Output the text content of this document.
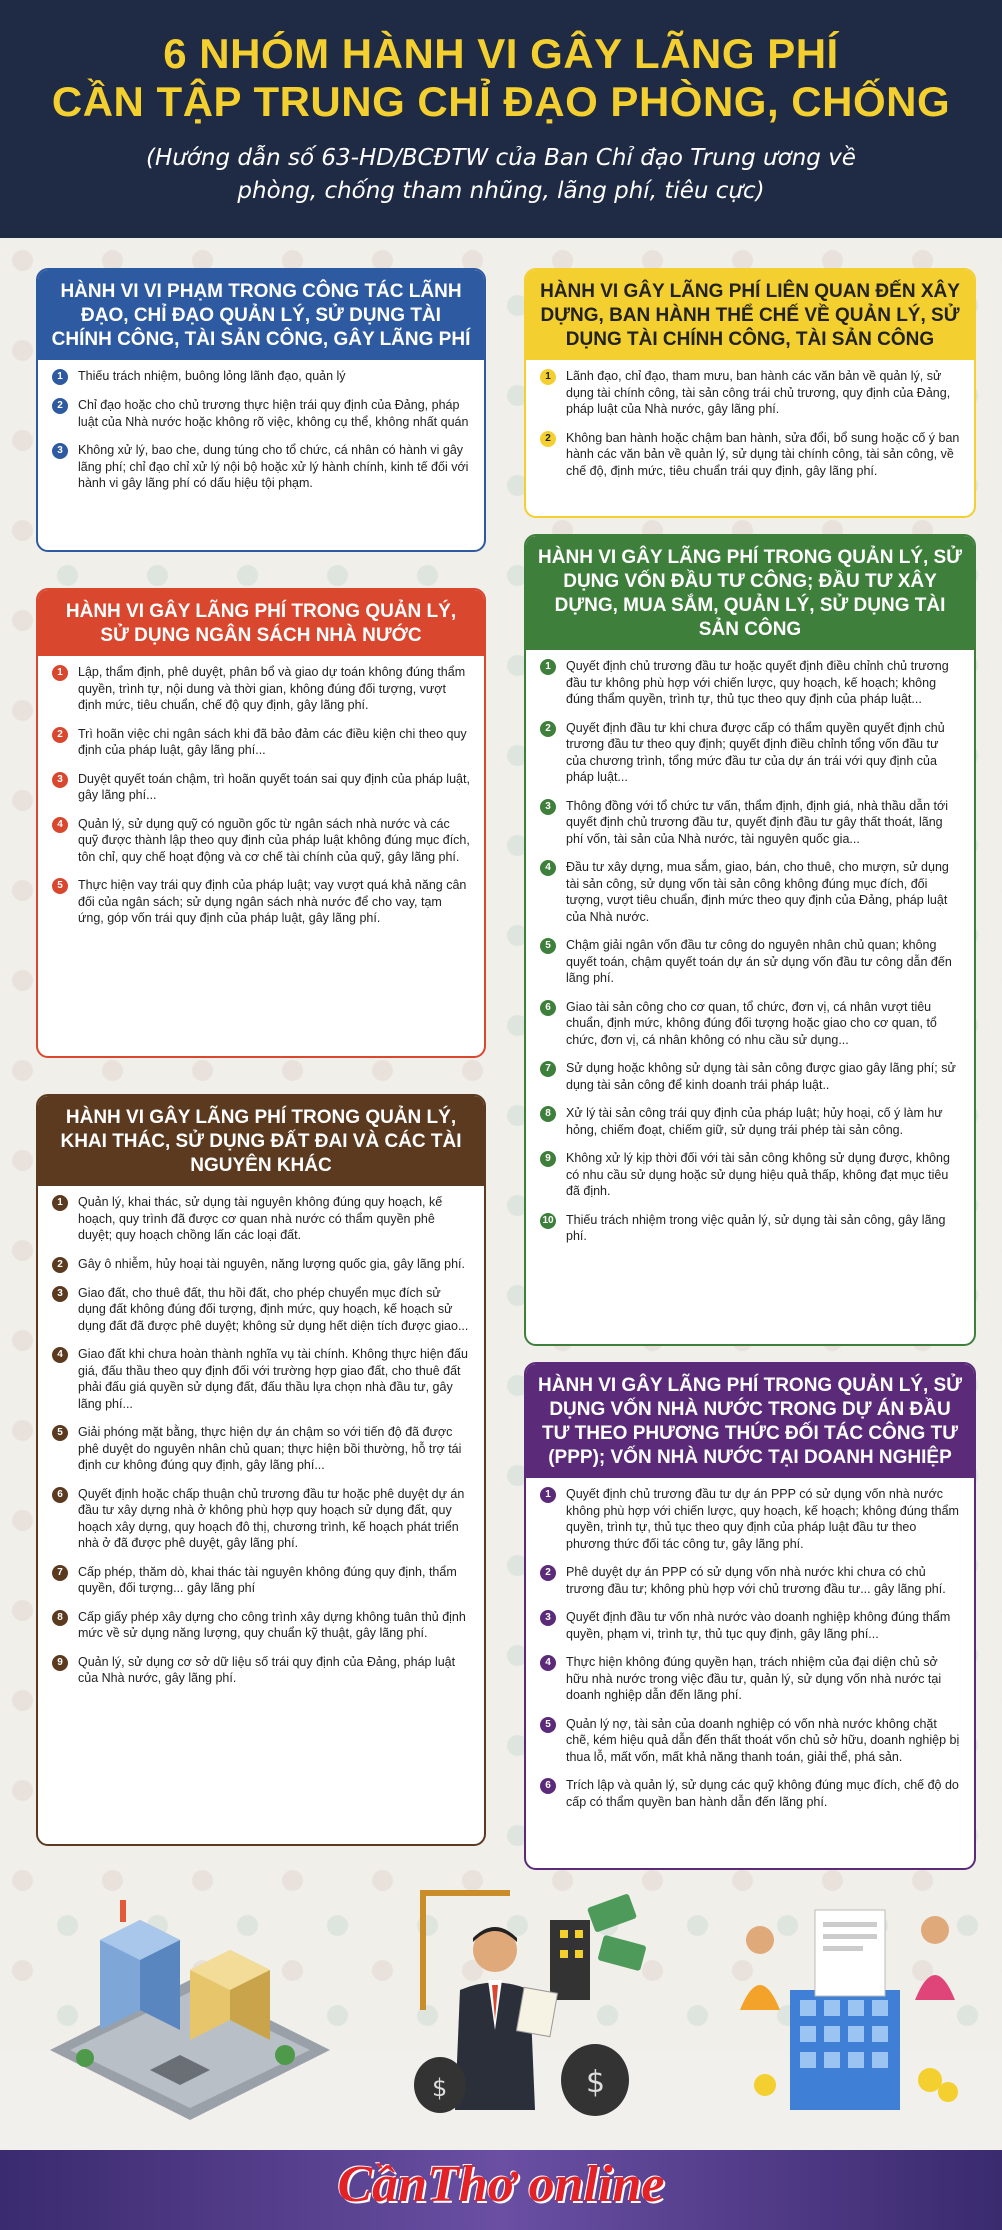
6 NHÓM HÀNH VI GÂY LÃNG PHÍ
CẦN TẬP TRUNG CHỈ ĐẠO PHÒNG, CHỐNG
(Hướng dẫn số 63-HD/BCĐTW của Ban Chỉ đạo Trung ương về phòng, chống tham nhũng, lãng phí, tiêu cực)
HÀNH VI VI PHẠM TRONG CÔNG TÁC LÃNH ĐẠO, CHỈ ĐẠO QUẢN LÝ, SỬ DỤNG TÀI CHÍNH CÔNG, TÀI SẢN CÔNG, GÂY LÃNG PHÍ
1	Thiếu trách nhiệm, buông lỏng lãnh đạo, quản lý
2	Chỉ đạo hoặc cho chủ trương thực hiện trái quy định của Đảng, pháp luật của Nhà nước hoặc không rõ việc, không cụ thể, không nhất quán
3	Không xử lý, bao che, dung túng cho tổ chức, cá nhân có hành vi gây lãng phí; chỉ đạo chỉ xử lý nội bộ hoặc xử lý hành chính, kinh tế đối với hành vi gây lãng phí có dấu hiệu tội phạm.
HÀNH VI GÂY LÃNG PHÍ LIÊN QUAN ĐẾN XÂY DỰNG, BAN HÀNH THỂ CHẾ VỀ QUẢN LÝ, SỬ DỤNG TÀI CHÍNH CÔNG, TÀI SẢN CÔNG
1	Lãnh đạo, chỉ đạo, tham mưu, ban hành các văn bản về quản lý, sử dụng tài chính công, tài sản công trái chủ trương, quy định của Đảng, pháp luật của Nhà nước, gây lãng phí.
2	Không ban hành hoặc chậm ban hành, sửa đổi, bổ sung hoặc cố ý ban hành các văn bản về quản lý, sử dụng tài chính công, tài sản công, về chế độ, định mức, tiêu chuẩn trái quy định, gây lãng phí.
HÀNH VI GÂY LÃNG PHÍ TRONG QUẢN LÝ, SỬ DỤNG NGÂN SÁCH NHÀ NƯỚC
1	Lập, thẩm định, phê duyệt, phân bổ và giao dự toán không đúng thẩm quyền, trình tự, nội dung và thời gian, không đúng đối tượng, vượt định mức, tiêu chuẩn, chế độ quy định, gây lãng phí.
2	Trì hoãn việc chi ngân sách khi đã bảo đảm các điều kiện chi theo quy định của pháp luật, gây lãng phí...
3	Duyệt quyết toán chậm, trì hoãn quyết toán sai quy định của pháp luật, gây lãng phí...
4	Quản lý, sử dụng quỹ có nguồn gốc từ ngân sách nhà nước và các quỹ được thành lập theo quy định của pháp luật không đúng mục đích, tôn chỉ, quy chế hoạt động và cơ chế tài chính của quỹ, gây lãng phí.
5	Thực hiện vay trái quy định của pháp luật; vay vượt quá khả năng cân đối của ngân sách; sử dụng ngân sách nhà nước để cho vay, tạm ứng, góp vốn trái quy định của pháp luật, gây lãng phí.
HÀNH VI GÂY LÃNG PHÍ TRONG QUẢN LÝ, SỬ DỤNG VỐN ĐẦU TƯ CÔNG; ĐẦU TƯ XÂY DỰNG, MUA SẮM, QUẢN LÝ, SỬ DỤNG TÀI SẢN CÔNG
1	Quyết định chủ trương đầu tư hoặc quyết định điều chỉnh chủ trương đầu tư không phù hợp với chiến lược, quy hoạch, kế hoạch; không đúng thẩm quyền, trình tự, thủ tục theo quy định của pháp luật...
2	Quyết định đầu tư khi chưa được cấp có thẩm quyền quyết định chủ trương đầu tư theo quy định; quyết định điều chỉnh tổng vốn đầu tư của chương trình, tổng mức đầu tư của dự án trái với quy định của pháp luật...
3	Thông đồng với tổ chức tư vấn, thẩm định, định giá, nhà thầu dẫn tới quyết định chủ trương đầu tư, quyết định đầu tư gây thất thoát, lãng phí vốn, tài sản của Nhà nước, tài nguyên quốc gia...
4	Đầu tư xây dựng, mua sắm, giao, bán, cho thuê, cho mượn, sử dụng tài sản công, sử dụng vốn tài sản công không đúng mục đích, đối tượng, vượt tiêu chuẩn, định mức theo quy định của Đảng, pháp luật của Nhà nước.
5	Chậm giải ngân vốn đầu tư công do nguyên nhân chủ quan; không quyết toán, chậm quyết toán dự án sử dụng vốn đầu tư công dẫn đến lãng phí.
6	Giao tài sản công cho cơ quan, tổ chức, đơn vị, cá nhân vượt tiêu chuẩn, định mức, không đúng đối tượng hoặc giao cho cơ quan, tổ chức, đơn vị, cá nhân không có nhu cầu sử dụng...
7	Sử dụng hoặc không sử dụng tài sản công được giao gây lãng phí; sử dụng tài sản công để kinh doanh trái pháp luật..
8	Xử lý tài sản công trái quy định của pháp luật; hủy hoại, cố ý làm hư hỏng, chiếm đoạt, chiếm giữ, sử dụng trái phép tài sản công.
9	Không xử lý kịp thời đối với tài sản công không sử dụng được, không có nhu cầu sử dụng hoặc sử dụng hiệu quả thấp, không đạt mục tiêu đã định.
10 Thiếu trách nhiệm trong việc quản lý, sử dụng tài sản công, gây lãng phí.
HÀNH VI GÂY LÃNG PHÍ TRONG QUẢN LÝ, KHAI THÁC, SỬ DỤNG ĐẤT ĐAI VÀ CÁC TÀI NGUYÊN KHÁC
1	Quản lý, khai thác, sử dụng tài nguyên không đúng quy hoạch, kế hoạch, quy trình đã được cơ quan nhà nước có thẩm quyền phê duyệt; quy hoạch chồng lấn các loại đất.
2	Gây ô nhiễm, hủy hoại tài nguyên, năng lượng quốc gia, gây lãng phí.
3	Giao đất, cho thuê đất, thu hồi đất, cho phép chuyển mục đích sử dụng đất không đúng đối tượng, định mức, quy hoạch, kế hoạch sử dụng đất đã được phê duyệt; không sử dụng hết diện tích được giao...
4	Giao đất khi chưa hoàn thành nghĩa vụ tài chính. Không thực hiện đấu giá, đấu thầu theo quy định đối với trường hợp giao đất, cho thuê đất phải đấu giá quyền sử dụng đất, đấu thầu lựa chọn nhà đầu tư, gây lãng phí...
5	Giải phóng mặt bằng, thực hiện dự án chậm so với tiến độ đã được phê duyệt do nguyên nhân chủ quan; thực hiện bồi thường, hỗ trợ tái định cư không đúng quy định, gây lãng phí...
6	Quyết định hoặc chấp thuận chủ trương đầu tư hoặc phê duyệt dự án đầu tư xây dựng nhà ở không phù hợp quy hoạch sử dụng đất, quy hoạch xây dựng, quy hoạch đô thị, chương trình, kế hoạch phát triển nhà ở đã được phê duyệt, gây lãng phí.
7	Cấp phép, thăm dò, khai thác tài nguyên không đúng quy định, thẩm quyền, đối tượng... gây lãng phí
8	Cấp giấy phép xây dựng cho công trình xây dựng không tuân thủ định mức về sử dụng năng lượng, quy chuẩn kỹ thuật, gây lãng phí.
9	Quản lý, sử dụng cơ sở dữ liệu số trái quy định của Đảng, pháp luật của Nhà nước, gây lãng phí.
HÀNH VI GÂY LÃNG PHÍ TRONG QUẢN LÝ, SỬ DỤNG VỐN NHÀ NƯỚC TRONG DỰ ÁN ĐẦU TƯ THEO PHƯƠNG THỨC ĐỐI TÁC CÔNG TƯ (PPP); VỐN NHÀ NƯỚC TẠI DOANH NGHIỆP
1	Quyết định chủ trương đầu tư dự án PPP có sử dụng vốn nhà nước không phù hợp với chiến lược, quy hoạch, kế hoạch; không đúng thẩm quyền, trình tự, thủ tục theo quy định của pháp luật đầu tư theo phương thức đối tác công tư, gây lãng phí.
2	Phê duyệt dự án PPP có sử dụng vốn nhà nước khi chưa có chủ trương đầu tư; không phù hợp với chủ trương đầu tư... gây lãng phí.
3	Quyết định đầu tư vốn nhà nước vào doanh nghiệp không đúng thẩm quyền, phạm vi, trình tự, thủ tục quy định, gây lãng phí...
4	Thực hiện không đúng quyền hạn, trách nhiệm của đại diện chủ sở hữu nhà nước trong việc đầu tư, quản lý, sử dụng vốn nhà nước tại doanh nghiệp dẫn đến lãng phí.
5	Quản lý nợ, tài sản của doanh nghiệp có vốn nhà nước không chặt chẽ, kém hiệu quả dẫn đến thất thoát vốn chủ sở hữu, doanh nghiệp bị thua lỗ, mất vốn, mất khả năng thanh toán, giải thể, phá sản.
6	Trích lập và quản lý, sử dụng các quỹ không đúng mục đích, chế độ do cấp có thẩm quyền ban hành dẫn đến lãng phí.
$
$
CầnThơ online
